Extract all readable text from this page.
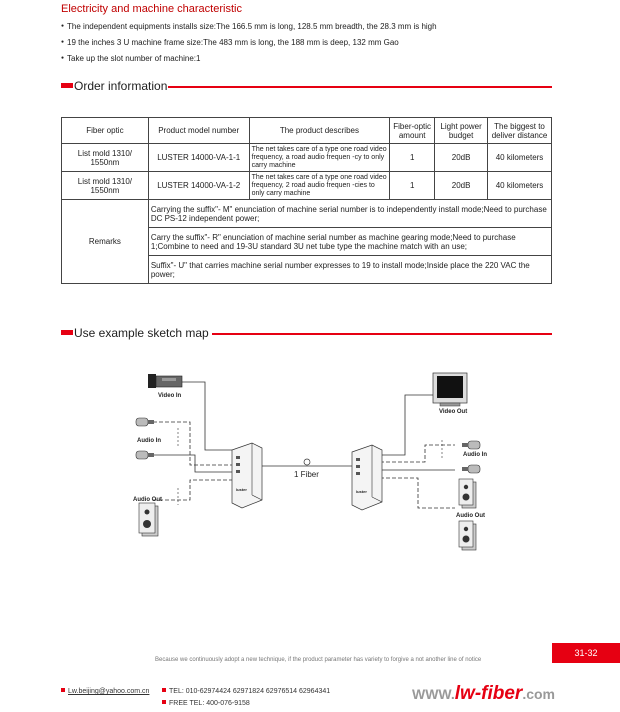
Electricity and machine characteristic
● The independent equipments installs size:The 166.5 mm is long, 128.5 mm breadth, the 28.3 mm is high
● 19 the inches 3 U machine frame size:The 483 mm is long, the 188 mm is deep, 132 mm Gao
● Take up the slot number of machine:1
Order information
Fiber optic	Product model number	The product describes	Fiber-optic amount	Light power budget	The biggest to deliver distance
List mold 1310/ 1550nm	LUSTER 14000-VA-1-1	The net takes care of a type one road video frequency, a road audio frequen -cy to only carry machine	1	20dB	40 kilometers
List mold 1310/ 1550nm	LUSTER 14000-VA-1-2	The net takes care of a type one road video frequency, 2 road audio frequen -cies to only carry machine	1	20dB	40 kilometers
Remarks	Carrying the suffix"- M" enunciation of machine serial number is to independently install mode;Need to purchase DC PS-12 independent power;				
	Carry the suffix"- R" enunciation of machine serial number as machine gearing mode;Need to purchase 1;Combine to need and 19-3U standard 3U net tube type the machine match with an use;				
	Suffix"- U" that carries machine serial number expresses to 19 to install mode;Inside place the 220 VAC the power;				
Use example sketch map
Video In
Audio In
Audio Out
1 Fiber
Video Out
Audio In
Audio Out
luster	luster
31-32
Because we continuously adopt a new technique, if the product parameter has variety to forgive a not another line of notice
Lw.beijing@yahoo.com.cn	TEL: 010-62974424 62971824 62976514 62964341
FREE TEL: 400-076-9158
WWW.lw-fiber.com
